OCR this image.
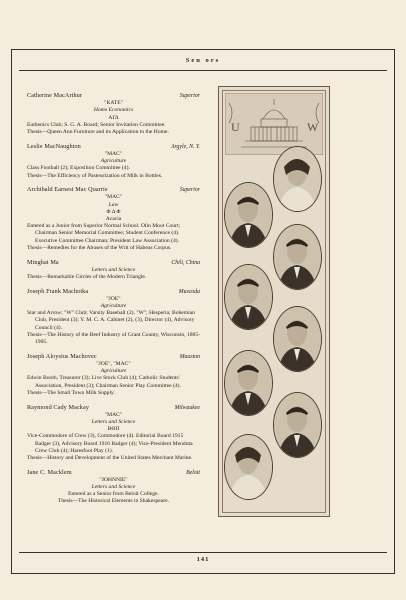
Sen ors
Catherine MacArthur	Superior
"KATE"
Home Economics
ΑΓΔ
Euthenics Club; S. G. A. Board; Senior Invitation Committee.
Thesis—Queen Ann Furniture and its Application to the Home.
Leslie MacNaughton	Argyle, N. Y.
"MAC"
Agriculture
Class Football (2); Exposition Committee (4).
Thesis—The Efficiency of Pasteurization of Milk in Bottles.
Archibald Earnest Mac Quarrie	Superior
"MAC"
Law
Φ Δ Φ
Acacia
Entered as a Junior from Superior Normal School. Olin Moot Court; Chairman Senior Memorial Committee; Student Conference (4). Executive Committee Chairman; President Law Association (4).
Thesis—Remedies for the Abuses of the Writ of Habeas Corpus.
Minghai Ma	Chili, China
Letters and Science
Thesis—Remarkable Circles of the Modern Triangle.
Joseph Frank Machotka	Muscoda
"JOE"
Agriculture
Star and Arrow; "W" Club; Varsity Baseball (2). "W"; Hesperia; Bohemian Club, President (3); Y. M. C. A. Cabinet (2), (3), Director (4), Advisory Council (4).
Thesis—The History of the Beef Industry of Grant County, Wisconsin, 1885-1905.
Joseph Aloysius Machovec	Mauston
"JOE", "MAC"
Agriculture
Edwin Booth, Treasurer (3); Live Stock Club (4); Catholic Students' Association, President (3); Chairman Senior Play Committee (4).
Thesis—The Small Town Milk Supply.
Raymond Cady Mackay	Milwaukee
"MAC"
Letters and Science
ΒΘΠ
Vice-Commodore of Crew (3), Commodore (4). Editorial Board 1915 Badger (3), Advisory Board 1916 Badger (4); Vice-President Mendota Crew Club (4); Haresfoot Play (1).
Thesis—History and Development of the United States Merchant Marine.
Jane C. Macklem	Beloit
"JOHNNIE"
Letters and Science
Entered as a Senior from Beloit College.
Thesis—The Historical Elements in Shakespeare.
U	W
141
